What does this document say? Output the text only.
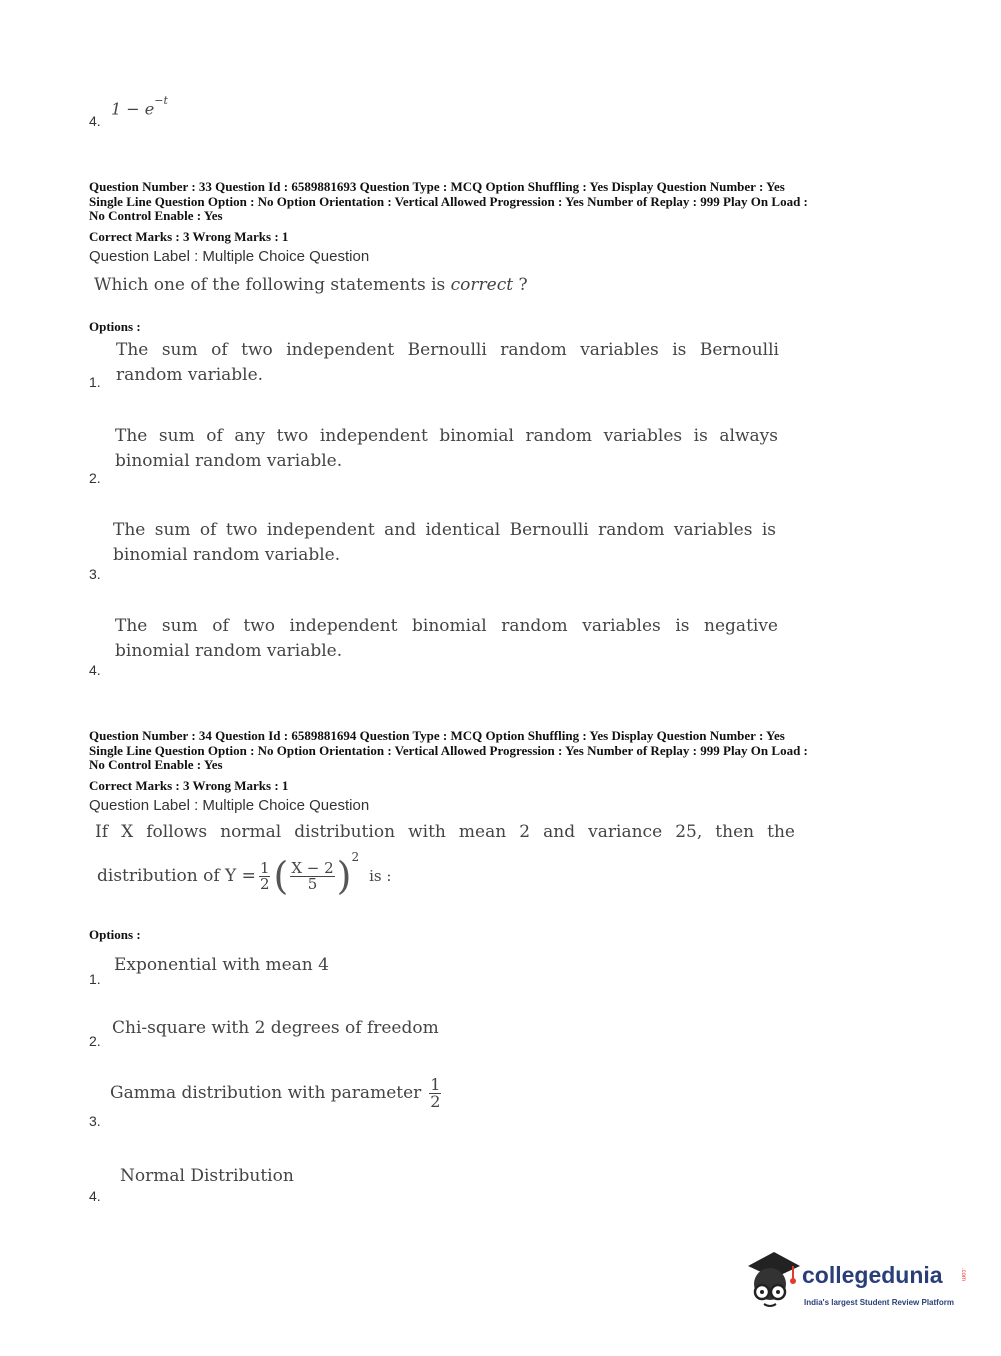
4.
$1 - e^{-t}$
Question Number : 33 Question Id : 6589881693 Question Type : MCQ Option Shuffling : Yes Display Question Number : Yes
Single Line Question Option : No Option Orientation : Vertical Allowed Progression : Yes Number of Replay : 999 Play On Load :
No Control Enable : Yes
Correct Marks : 3 Wrong Marks : 1
Question Label : Multiple Choice Question
Which one of the following statements is correct ?
Options :
The sum of two independent Bernoulli random variables is Bernoulli
random variable.
1.
The sum of any two independent binomial random variables is always
binomial random variable.
2.
The sum of two independent and identical Bernoulli random variables is
binomial random variable.
3.
The sum of two independent binomial random variables is negative
binomial random variable.
4.
Question Number : 34 Question Id : 6589881694 Question Type : MCQ Option Shuffling : Yes Display Question Number : Yes
Single Line Question Option : No Option Orientation : Vertical Allowed Progression : Yes Number of Replay : 999 Play On Load :
No Control Enable : Yes
Correct Marks : 3 Wrong Marks : 1
Question Label : Multiple Choice Question
If X follows normal distribution with mean 2 and variance 25, then the
distribution of $Y = \frac{1}{2}$ ( $\frac{X - 2}{5}$ ) 2
is :
Options :
Exponential with mean 4
1.
Chi-square with 2 degrees of freedom
2.
Gamma distribution with parameter $\frac{1}{2}$
3.
Normal Distribution
4.
collegedunia	.com
India's largest Student Review Platform
